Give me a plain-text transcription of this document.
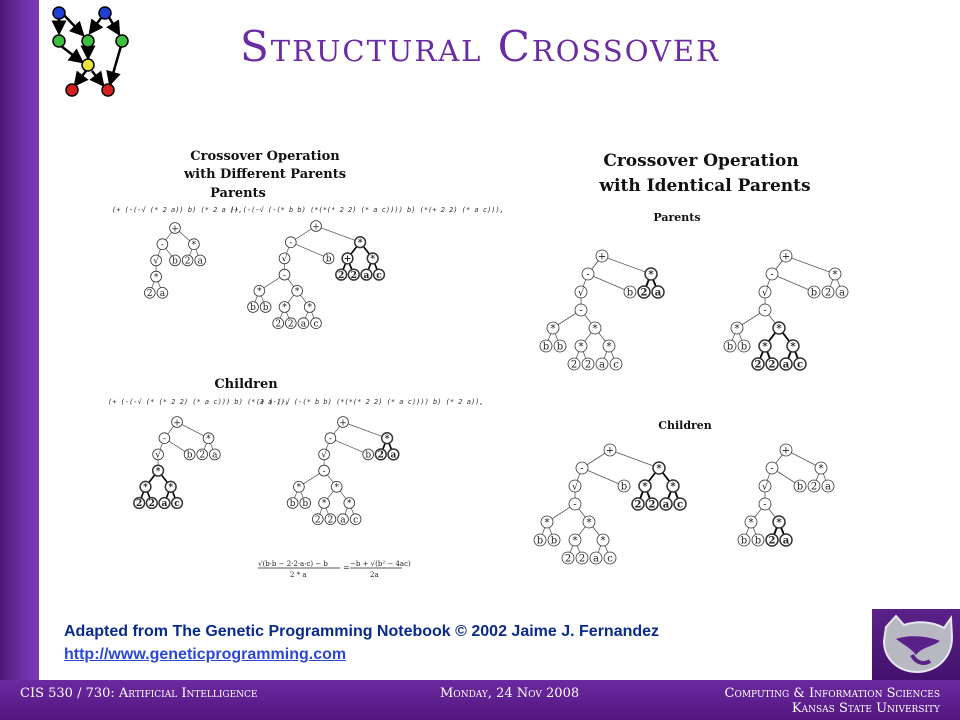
Structural Crossover
Crossover Operation
with Different Parents
Parents
(+ (-(-√ (* 2 a)) b) (* 2 a )),
(+ (-(-√ (-(* b b) (*(*(* 2 2) (* a c)))) b) (*(+ 2 2) (* a c))),
2 a
*
√ b
-
2 a
*
+
b b
*
2 2
*
a c
*
*
-
√	b
-
2 2
+
a c
*
*
+
Children
(+ (-(-√ (* (* 2 2) (* a c))) b) (* 2 a )),
(+ (-(-√ (-(* b b) (*(*(* 2 2) (* a c)))) b) (* 2 a)),
2 2
*
a c
*
*
√	b
-
2 a
*
+
b b
*
2 2
*
a c
*
*
-
√	b
-
2 a
*
+
√(b·b − 2·2·a·c) − b
2 * a
= −b + √(b² − 4ac)
2a
Crossover Operation
with Identical Parents
Parents
b b
*
2 2
*
a c
*
*
-
√	b
-
2 a
*
+
b b
*
2 2
*
a c
*
*
-
√	b
-
2 a
*
+
Children
b b
*
2 2
*
a c
*
*
-
√	b
-
2 2
*
a c
*
*
+
b b
*
2 a
*
-
√	b
-
2 a
*
+
Adapted from The Genetic Programming Notebook © 2002 Jaime J. Fernandez
http://www.geneticprogramming.com
CIS 530 / 730: Artificial Intelligence	Monday, 24 Nov 2008	Computing & Information Sciences
Kansas State University
